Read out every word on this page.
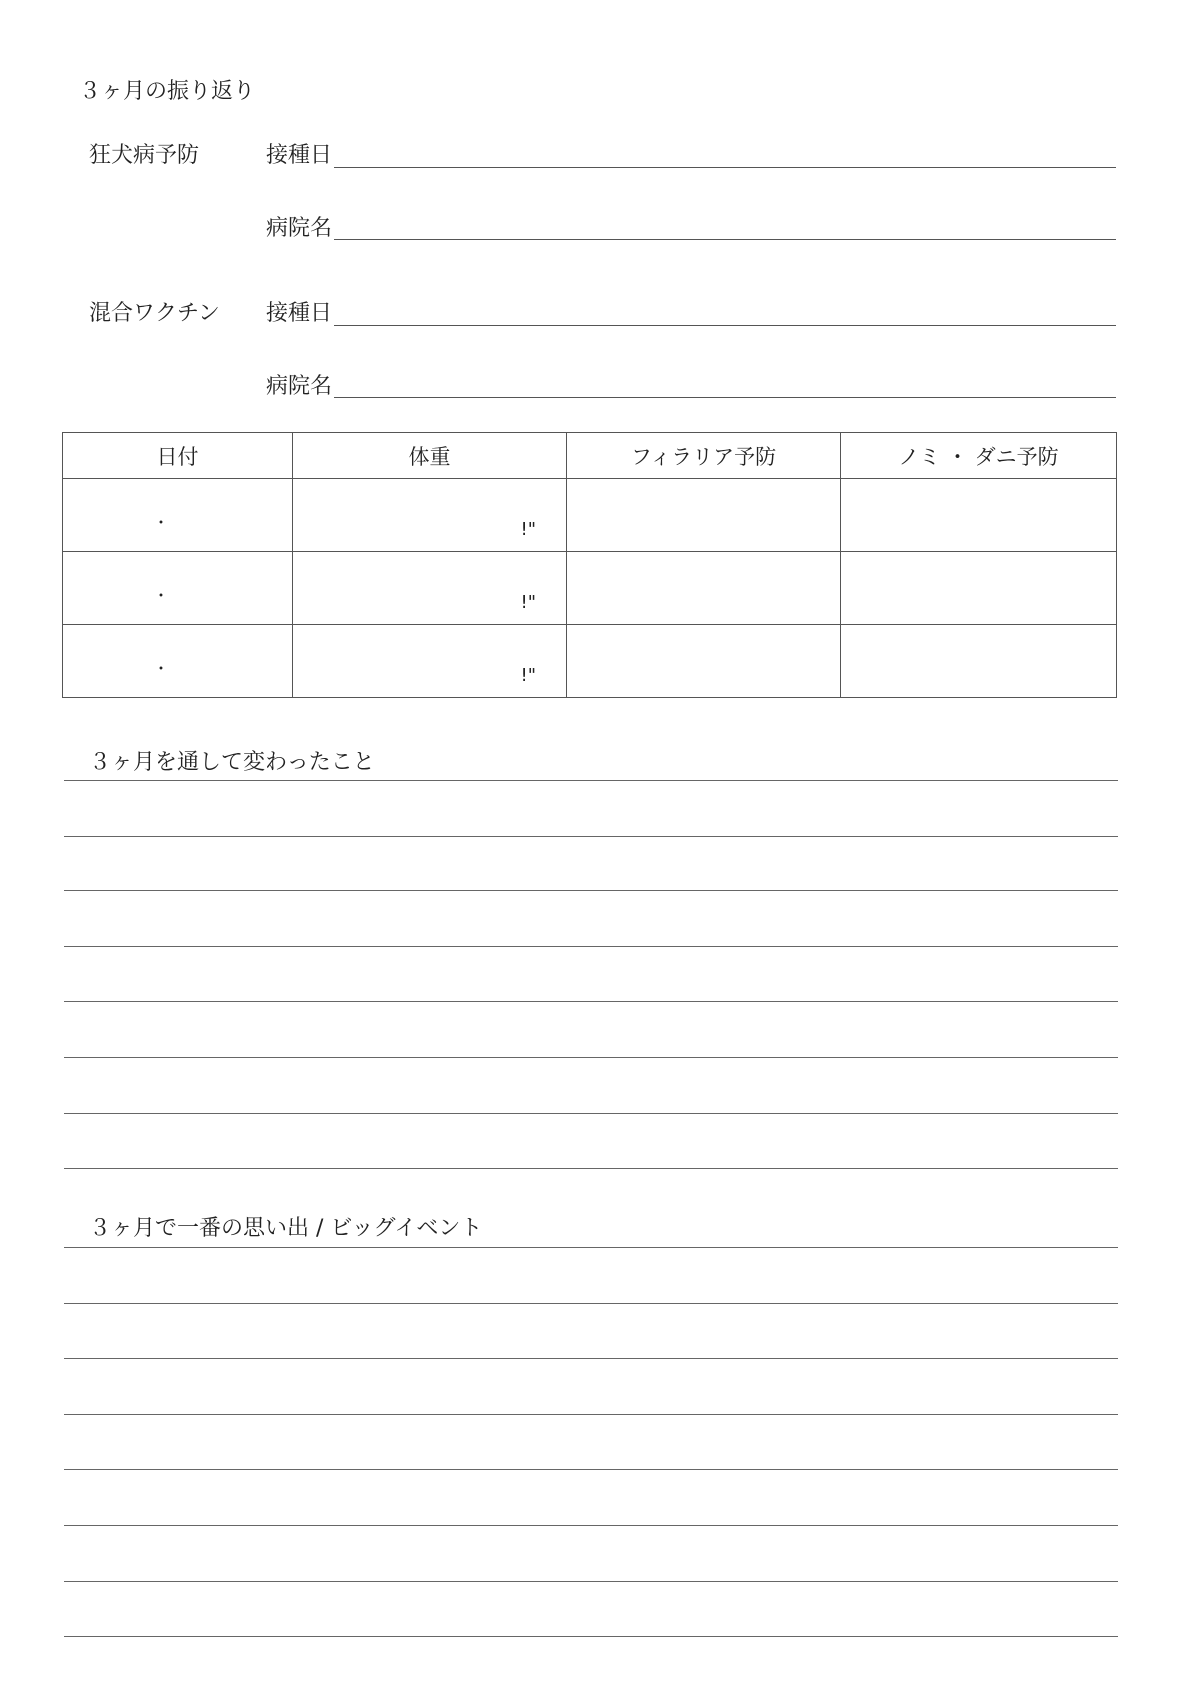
３ヶ月の振り返り
狂犬病予防	接種日
病院名
混合ワクチン 接種日
病院名
日付	体重	フィラリア予防	ノミ ・ ダニ予防

・	!"		

・	!"		

・	!"		

３ヶ月を通して変わったこと
３ヶ月で一番の思い出 / ビッグイベント
